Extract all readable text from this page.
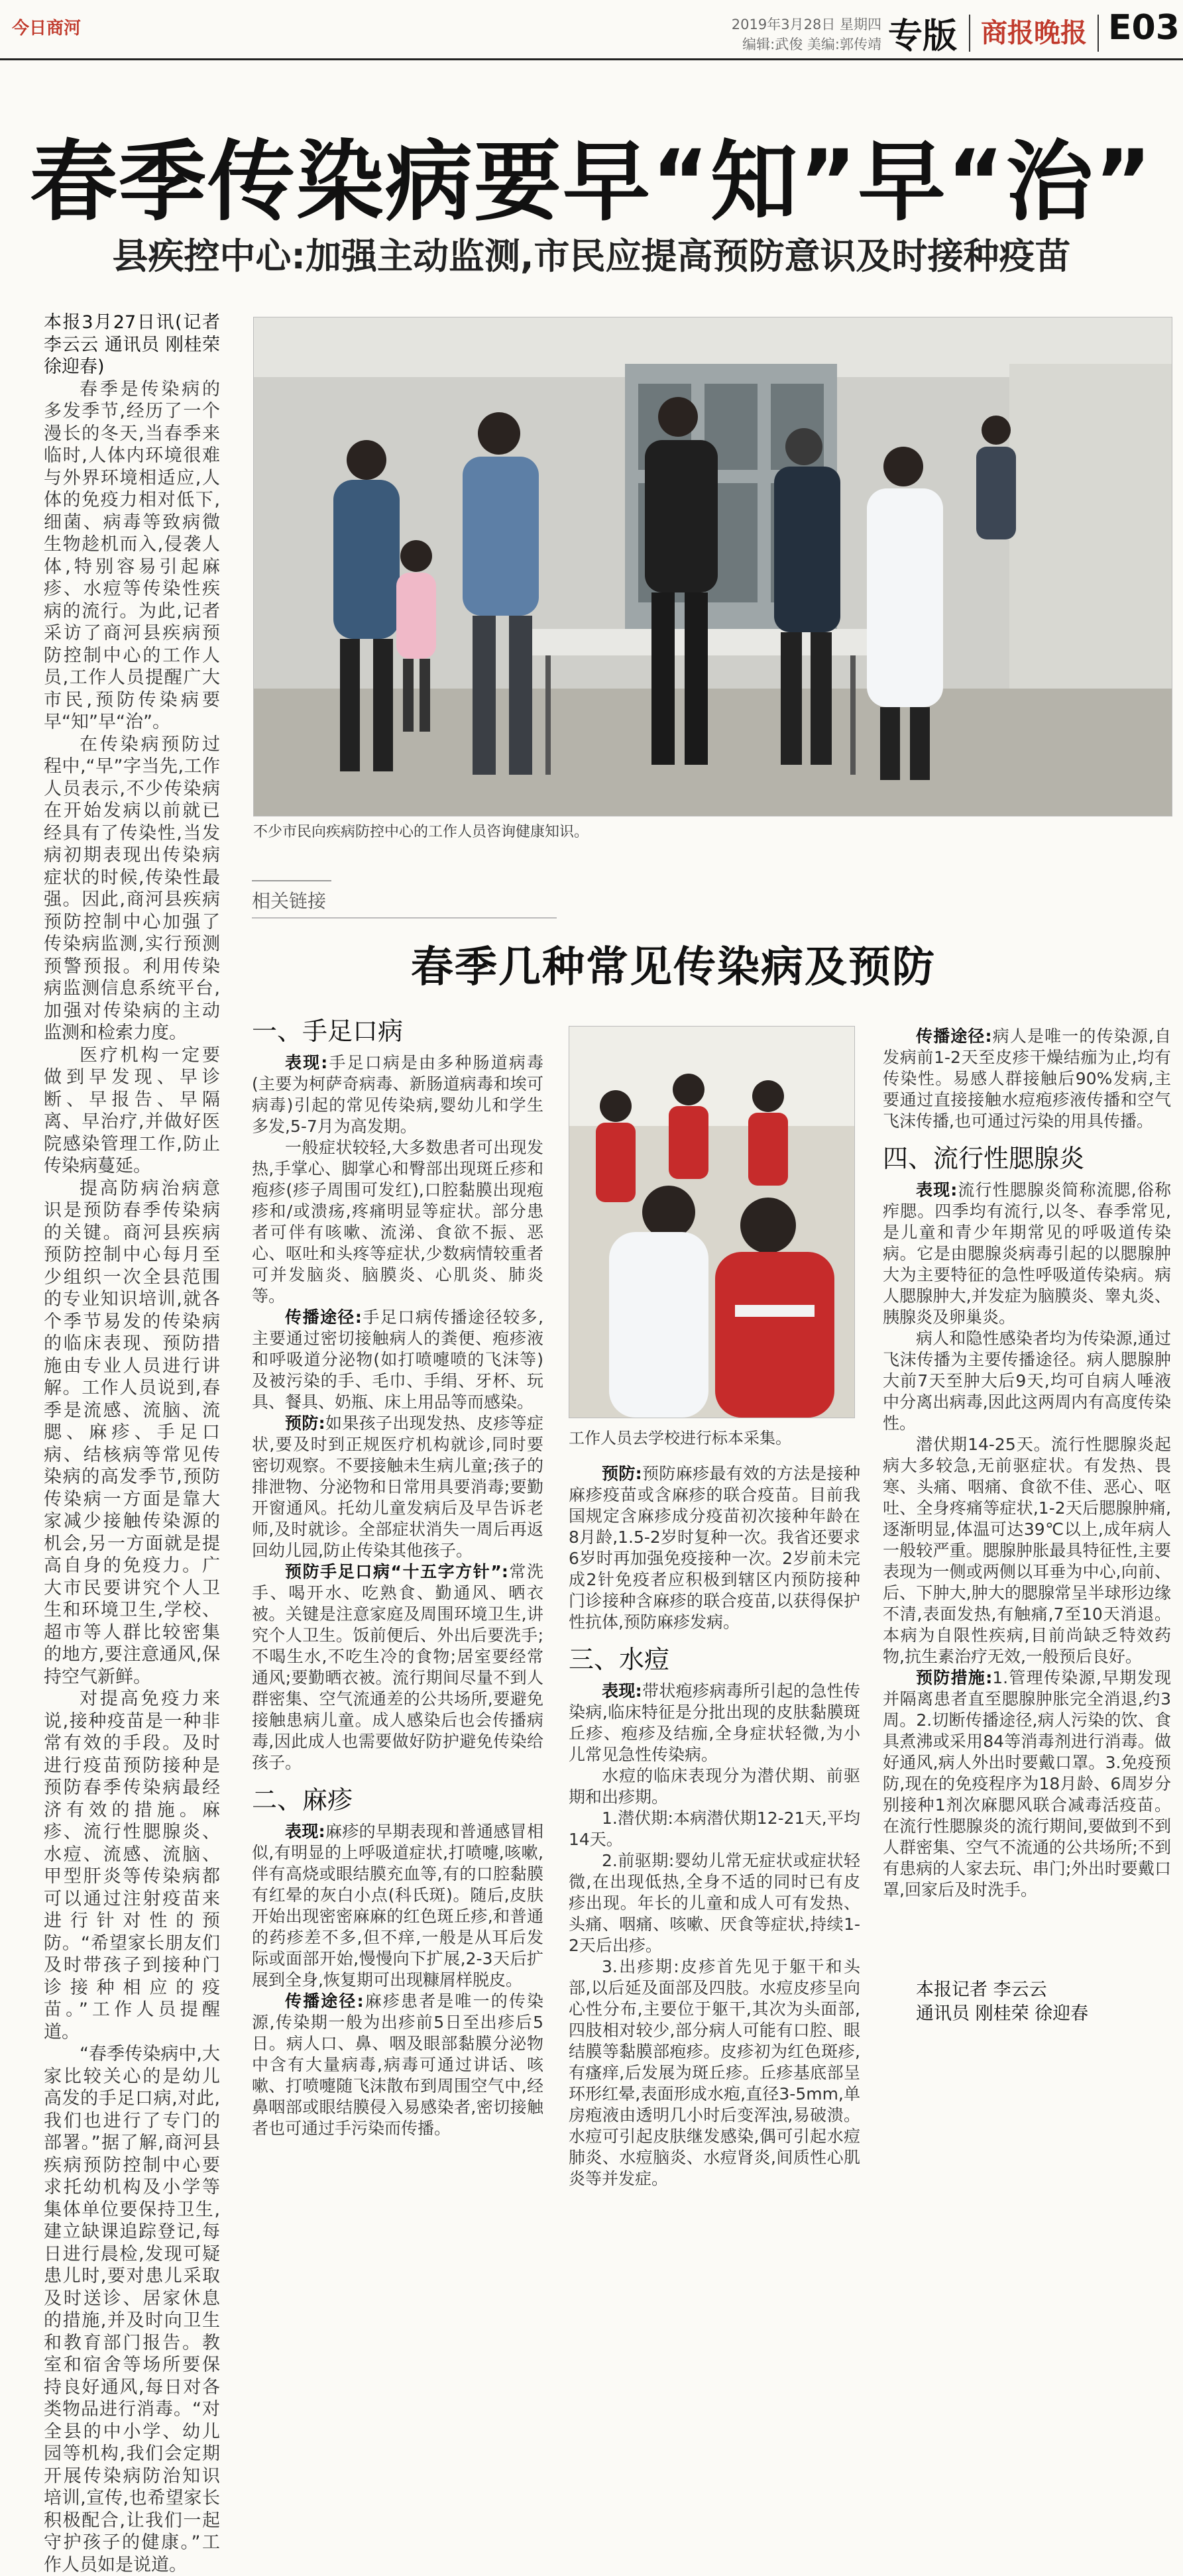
今日商河	2019年3月28日 星期四
编辑:武俊 美编:郭传靖 专版 商报晚报 E03
春季传染病要早“知”早“治”
县疾控中心:加强主动监测,市民应提高预防意识及时接种疫苗

本报3月27日讯(记者 李云云 通讯员 刚桂荣 徐迎春)

春季是传染病的多发季节,经历了一个漫长的冬天,当春季来临时,人体内环境很难与外界环境相适应,人体的免疫力相对低下,细菌、病毒等致病微生物趁机而入,侵袭人体,特别容易引起麻疹、水痘等传染性疾病的流行。为此,记者采访了商河县疾病预防控制中心的工作人员,工作人员提醒广大市民,预防传染病要早“知”早“治”。

在传染病预防过程中,“早”字当先,工作人员表示,不少传染病在开始发病以前就已经具有了传染性,当发病初期表现出传染病症状的时候,传染性最强。因此,商河县疾病预防控制中心加强了传染病监测,实行预测预警预报。利用传染病监测信息系统平台,加强对传染病的主动监测和检索力度。

医疗机构一定要做到早发现、早诊断、早报告、早隔离、早治疗,并做好医院感染管理工作,防止传染病蔓延。

提高防病治病意识是预防春季传染病的关键。商河县疾病预防控制中心每月至少组织一次全县范围的专业知识培训,就各个季节易发的传染病的临床表现、预防措施由专业人员进行讲解。工作人员说到,春季是流感、流脑、流腮、麻疹、手足口病、结核病等常见传染病的高发季节,预防传染病一方面是靠大家减少接触传染源的机会,另一方面就是提高自身的免疫力。广大市民要讲究个人卫生和环境卫生,学校、超市等人群比较密集的地方,要注意通风,保持空气新鲜。

对提高免疫力来说,接种疫苗是一种非常有效的手段。及时进行疫苗预防接种是预防春季传染病最经济有效的措施。麻疹、流行性腮腺炎、水痘、流感、流脑、甲型肝炎等传染病都可以通过注射疫苗来进行针对性的预防。“希望家长朋友们及时带孩子到接种门诊接种相应的疫苗。”工作人员提醒道。

“春季传染病中,大家比较关心的是幼儿高发的手足口病,对此,我们也进行了专门的部署。”据了解,商河县疾病预防控制中心要求托幼机构及小学等集体单位要保持卫生,建立缺课追踪登记,每日进行晨检,发现可疑患儿时,要对患儿采取及时送诊、居家休息的措施,并及时向卫生和教育部门报告。教室和宿舍等场所要保持良好通风,每日对各类物品进行消毒。“对全县的中小学、幼儿园等机构,我们会定期开展传染病防治知识培训,宣传,也希望家长积极配合,让我们一起守护孩子的健康。”工作人员如是说道。

不少市民向疾病防控中心的工作人员咨询健康知识。
相关链接
春季几种常见传染病及预防
一、手足口病

表现:手足口病是由多种肠道病毒(主要为柯萨奇病毒、新肠道病毒和埃可病毒)引起的常见传染病,婴幼儿和学生多发,5-7月为高发期。

一般症状较轻,大多数患者可出现发热,手掌心、脚掌心和臀部出现斑丘疹和疱疹(疹子周围可发红),口腔黏膜出现疱疹和/或溃疡,疼痛明显等症状。部分患者可伴有咳嗽、流涕、食欲不振、恶心、呕吐和头疼等症状,少数病情较重者可并发脑炎、脑膜炎、心肌炎、肺炎等。

传播途径:手足口病传播途径较多,主要通过密切接触病人的粪便、疱疹液和呼吸道分泌物(如打喷嚏喷的飞沫等)及被污染的手、毛巾、手绢、牙杯、玩具、餐具、奶瓶、床上用品等而感染。

预防:如果孩子出现发热、皮疹等症状,要及时到正规医疗机构就诊,同时要密切观察。不要接触未生病儿童;孩子的排泄物、分泌物和日常用具要消毒;要勤开窗通风。托幼儿童发病后及早告诉老师,及时就诊。全部症状消失一周后再返回幼儿园,防止传染其他孩子。

预防手足口病“十五字方针”:常洗手、喝开水、吃熟食、勤通风、晒衣被。关键是注意家庭及周围环境卫生,讲究个人卫生。饭前便后、外出后要洗手;不喝生水,不吃生冷的食物;居室要经常通风;要勤晒衣被。流行期间尽量不到人群密集、空气流通差的公共场所,要避免接触患病儿童。成人感染后也会传播病毒,因此成人也需要做好防护避免传染给孩子。

二、麻疹

表现:麻疹的早期表现和普通感冒相似,有明显的上呼吸道症状,打喷嚏,咳嗽,伴有高烧或眼结膜充血等,有的口腔黏膜有红晕的灰白小点(科氏斑)。随后,皮肤开始出现密密麻麻的红色斑丘疹,和普通的药疹差不多,但不痒,一般是从耳后发际或面部开始,慢慢向下扩展,2-3天后扩展到全身,恢复期可出现糠屑样脱皮。

传播途径:麻疹患者是唯一的传染源,传染期一般为出疹前5日至出疹后5日。病人口、鼻、咽及眼部黏膜分泌物中含有大量病毒,病毒可通过讲话、咳嗽、打喷嚏随飞沫散布到周围空气中,经鼻咽部或眼结膜侵入易感染者,密切接触者也可通过手污染而传播。

工作人员去学校进行标本采集。

预防:预防麻疹最有效的方法是接种麻疹疫苗或含麻疹的联合疫苗。目前我国规定含麻疹成分疫苗初次接种年龄在8月龄,1.5-2岁时复种一次。我省还要求6岁时再加强免疫接种一次。2岁前未完成2针免疫者应积极到辖区内预防接种门诊接种含麻疹的联合疫苗,以获得保护性抗体,预防麻疹发病。

三、水痘

表现:带状疱疹病毒所引起的急性传染病,临床特征是分批出现的皮肤黏膜斑丘疹、疱疹及结痂,全身症状轻微,为小儿常见急性传染病。

水痘的临床表现分为潜伏期、前驱期和出疹期。

1.潜伏期:本病潜伏期12-21天,平均14天。

2.前驱期:婴幼儿常无症状或症状轻微,在出现低热,全身不适的同时已有皮疹出现。年长的儿童和成人可有发热、头痛、咽痛、咳嗽、厌食等症状,持续1-2天后出疹。

3.出疹期:皮疹首先见于躯干和头部,以后延及面部及四肢。水痘皮疹呈向心性分布,主要位于躯干,其次为头面部,四肢相对较少,部分病人可能有口腔、眼结膜等黏膜部疱疹。皮疹初为红色斑疹,有瘙痒,后发展为斑丘疹。丘疹基底部呈环形红晕,表面形成水疱,直径3-5mm,单房疱液由透明几小时后变浑浊,易破溃。水痘可引起皮肤继发感染,偶可引起水痘肺炎、水痘脑炎、水痘肾炎,间质性心肌炎等并发症。

传播途径:病人是唯一的传染源,自发病前1-2天至皮疹干燥结痂为止,均有传染性。易感人群接触后90%发病,主要通过直接接触水痘疱疹液传播和空气飞沫传播,也可通过污染的用具传播。

四、流行性腮腺炎

表现:流行性腮腺炎简称流腮,俗称痄腮。四季均有流行,以冬、春季常见,是儿童和青少年期常见的呼吸道传染病。它是由腮腺炎病毒引起的以腮腺肿大为主要特征的急性呼吸道传染病。病人腮腺肿大,并发症为脑膜炎、睾丸炎、胰腺炎及卵巢炎。

病人和隐性感染者均为传染源,通过飞沫传播为主要传播途径。病人腮腺肿大前7天至肿大后9天,均可自病人唾液中分离出病毒,因此这两周内有高度传染性。

潜伏期14-25天。流行性腮腺炎起病大多较急,无前驱症状。有发热、畏寒、头痛、咽痛、食欲不佳、恶心、呕吐、全身疼痛等症状,1-2天后腮腺肿痛,逐渐明显,体温可达39℃以上,成年病人一般较严重。腮腺肿胀最具特征性,主要表现为一侧或两侧以耳垂为中心,向前、后、下肿大,肿大的腮腺常呈半球形边缘不清,表面发热,有触痛,7至10天消退。本病为自限性疾病,目前尚缺乏特效药物,抗生素治疗无效,一般预后良好。

预防措施:1.管理传染源,早期发现并隔离患者直至腮腺肿胀完全消退,约3周。2.切断传播途径,病人污染的饮、食具煮沸或采用84等消毒剂进行消毒。做好通风,病人外出时要戴口罩。3.免疫预防,现在的免疫程序为18月龄、6周岁分别接种1剂次麻腮风联合减毒活疫苗。在流行性腮腺炎的流行期间,要做到不到人群密集、空气不流通的公共场所;不到有患病的人家去玩、串门;外出时要戴口罩,回家后及时洗手。

本报记者 李云云
通讯员 刚桂荣 徐迎春
